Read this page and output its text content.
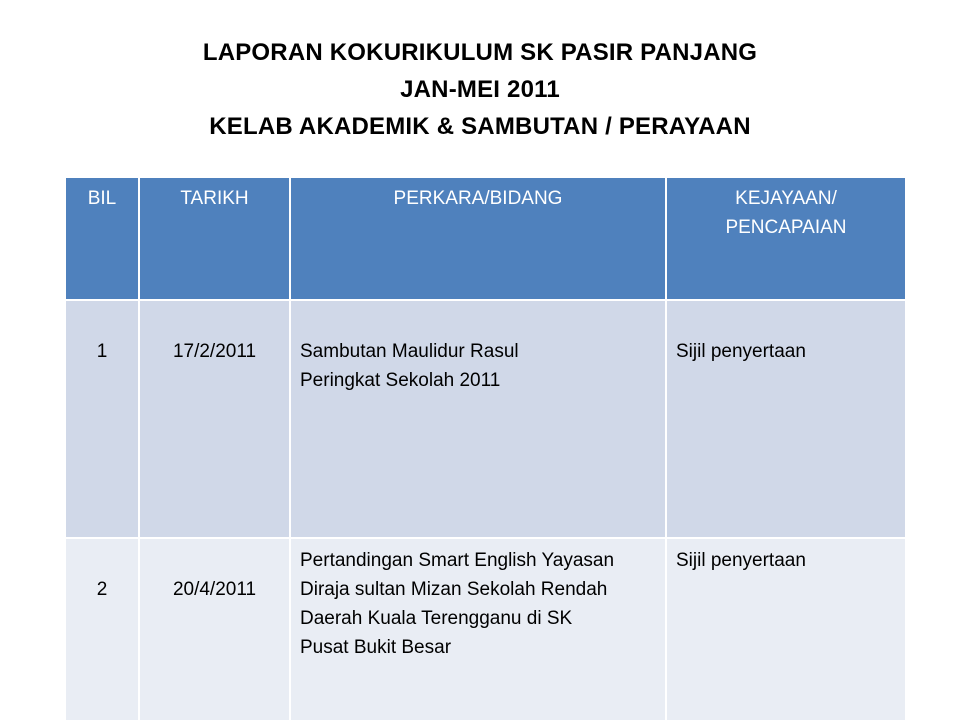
LAPORAN KOKURIKULUM SK PASIR PANJANG
JAN-MEI 2011
KELAB AKADEMIK & SAMBUTAN / PERAYAAN
BIL	TARIKH	PERKARA/BIDANG	KEJAYAAN/
PENCAPAIAN

1	17/2/2011	Sambutan Maulidur Rasul
Peringkat Sekolah 2011	Sijil penyertaan
2	20/4/2011	Pertandingan Smart English Yayasan
Diraja sultan Mizan Sekolah Rendah
Daerah Kuala Terengganu di SK
Pusat Bukit Besar	Sijil penyertaan
